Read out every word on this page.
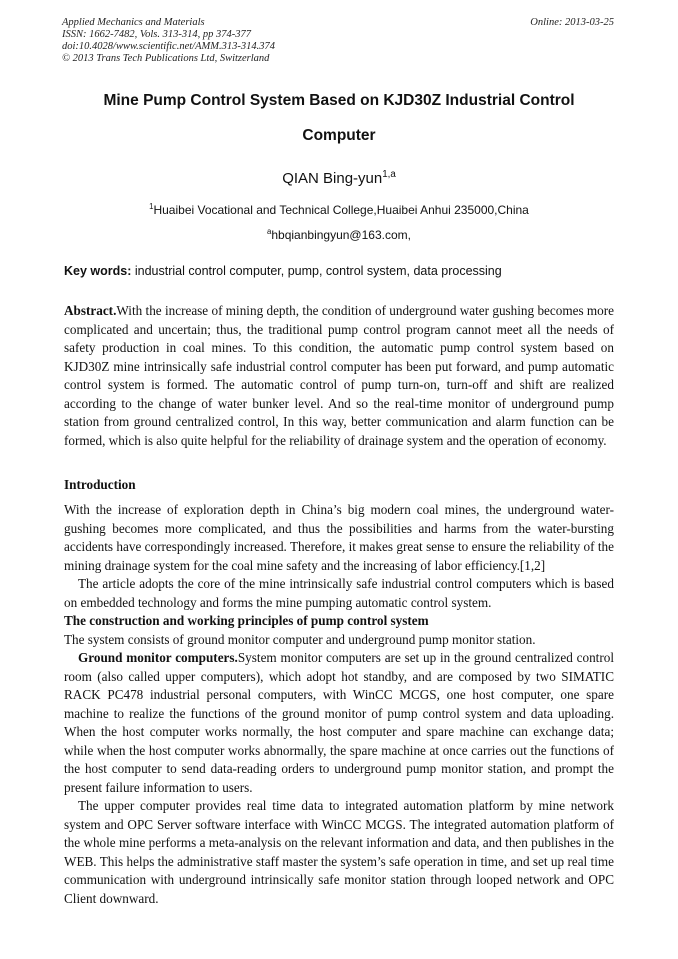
Applied Mechanics and Materials
ISSN: 1662-7482, Vols. 313-314, pp 374-377
doi:10.4028/www.scientific.net/AMM.313-314.374
© 2013 Trans Tech Publications Ltd, Switzerland
Online: 2013-03-25
Mine Pump Control System Based on KJD30Z Industrial Control
Computer
QIAN Bing-yun$^{1,a}$
$^1$Huaibei Vocational and Technical College,Huaibei Anhui 235000,China
$^a$hbqianbingyun@163.com,
Key words: industrial control computer, pump, control system, data processing

Abstract.With the increase of mining depth, the condition of underground water gushing becomes more complicated and uncertain; thus, the traditional pump control program cannot meet all the needs of safety production in coal mines. To this condition, the automatic pump control system based on KJD30Z mine intrinsically safe industrial control computer has been put forward, and pump automatic control system is formed. The automatic control of pump turn-on, turn-off and shift are realized according to the change of water bunker level. And so the real-time monitor of underground pump station from ground centralized control, In this way, better communication and alarm function can be formed, which is also quite helpful for the reliability of drainage system and the operation of economy.

Introduction

With the increase of exploration depth in China’s big modern coal mines, the underground water-gushing becomes more complicated, and thus the possibilities and harms from the water-bursting accidents have correspondingly increased. Therefore, it makes great sense to ensure the reliability of the mining drainage system for the coal mine safety and the increasing of labor efficiency.[1,2]

The article adopts the core of the mine intrinsically safe industrial control computers which is based on embedded technology and forms the mine pumping automatic control system.

The construction and working principles of pump control system

The system consists of ground monitor computer and underground pump monitor station.

Ground monitor computers.System monitor computers are set up in the ground centralized control room (also called upper computers), which adopt hot standby, and are composed by two SIMATIC RACK PC478 industrial personal computers, with WinCC MCGS, one host computer, one spare machine to realize the functions of the ground monitor of pump control system and data uploading. When the host computer works normally, the host computer and spare machine can exchange data; while when the host computer works abnormally, the spare machine at once carries out the functions of the host computer to send data-reading orders to underground pump monitor station, and prompt the present failure information to users.

The upper computer provides real time data to integrated automation platform by mine network system and OPC Server software interface with WinCC MCGS. The integrated automation platform of the whole mine performs a meta-analysis on the relevant information and data, and then publishes in the WEB. This helps the administrative staff master the system’s safe operation in time, and set up real time communication with underground intrinsically safe monitor station through looped network and OPC Client downward.
